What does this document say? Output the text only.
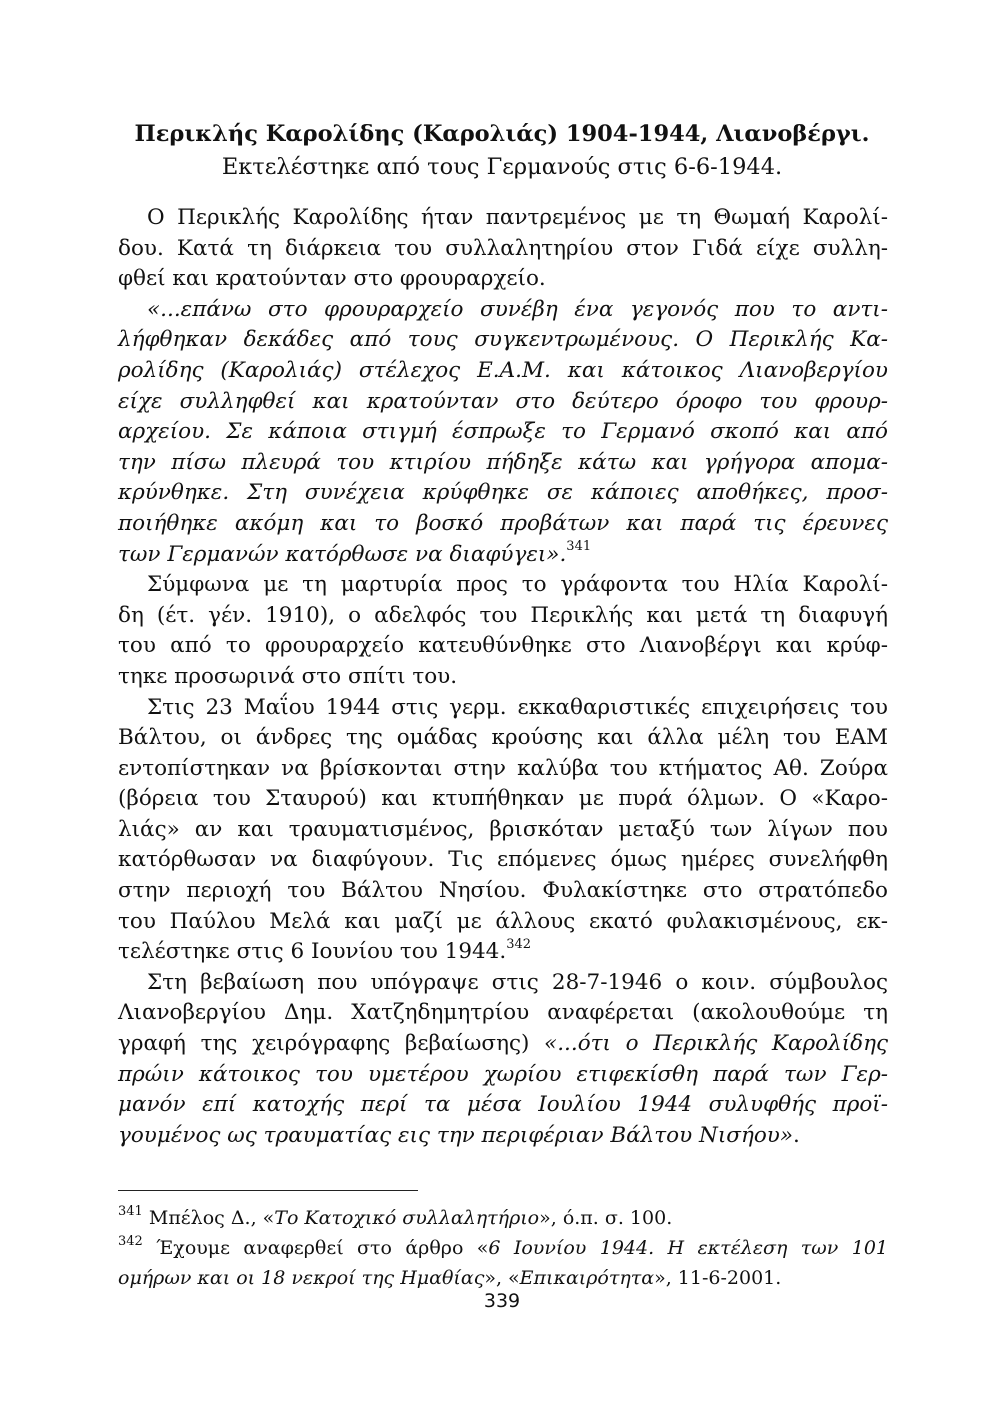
Περικλής Καρολίδης (Καρολιάς) 1904-1944, Λιανοβέργι.
Εκτελέστηκε από τους Γερμανούς στις 6-6-1944.
Ο Περικλής Καρολίδης ήταν παντρεμένος με τη Θωμαή Καρολί-
δου. Κατά τη διάρκεια του συλλαλητηρίου στον Γιδά είχε συλλη-
φθεί και κρατούνταν στο φρουραρχείο.
«...επάνω στο φρουραρχείο συνέβη ένα γεγονός που το αντι-
λήφθηκαν δεκάδες από τους συγκεντρωμένους. Ο Περικλής Κα-
ρολίδης (Καρολιάς) στέλεχος Ε.Α.Μ. και κάτοικος Λιανοβεργίου
είχε συλληφθεί και κρατούνταν στο δεύτερο όροφο του φρουρ-
αρχείου. Σε κάποια στιγμή έσπρωξε το Γερμανό σκοπό και από
την πίσω πλευρά του κτιρίου πήδηξε κάτω και γρήγορα απομα-
κρύνθηκε. Στη συνέχεια κρύφθηκε σε κάποιες αποθήκες, προσ-
ποιήθηκε ακόμη και το βοσκό προβάτων και παρά τις έρευνες
των Γερμανών κατόρθωσε να διαφύγει».$^{341}$
Σύμφωνα με τη μαρτυρία προς το γράφοντα του Ηλία Καρολί-
δη (έτ. γέν. 1910), ο αδελφός του Περικλής και μετά τη διαφυγή
του από το φρουραρχείο κατευθύνθηκε στο Λιανοβέργι και κρύφ-
τηκε προσωρινά στο σπίτι του.
Στις 23 Μαΐου 1944 στις γερμ. εκκαθαριστικές επιχειρήσεις του
Βάλτου, οι άνδρες της ομάδας κρούσης και άλλα μέλη του ΕΑΜ
εντοπίστηκαν να βρίσκονται στην καλύβα του κτήματος Αθ. Ζούρα
(βόρεια του Σταυρού) και κτυπήθηκαν με πυρά όλμων. Ο «Καρο-
λιάς» αν και τραυματισμένος, βρισκόταν μεταξύ των λίγων που
κατόρθωσαν να διαφύγουν. Τις επόμενες όμως ημέρες συνελήφθη
στην περιοχή του Βάλτου Νησίου. Φυλακίστηκε στο στρατόπεδο
του Παύλου Μελά και μαζί με άλλους εκατό φυλακισμένους, εκ-
τελέστηκε στις 6 Ιουνίου του 1944.$^{342}$
Στη βεβαίωση που υπόγραψε στις 28-7-1946 ο κοιν. σύμβουλος
Λιανοβεργίου Δημ. Χατζηδημητρίου αναφέρεται (ακολουθούμε τη
γραφή της χειρόγραφης βεβαίωσης) «...ότι ο Περικλής Καρολίδης
πρώιν κάτοικος του υμετέρου χωρίου ετιφεκίσθη παρά των Γερ-
μανόν επί κατοχής περί τα μέσα Ιουλίου 1944 συλυφθής προϊ-
γουμένος ως τραυματίας εις την περιφέριαν Βάλτου Νισήου».
$^{341}$ Μπέλος Δ., «Το Κατοχικό συλλαλητήριο», ό.π. σ. 100.
$^{342}$ Έχουμε αναφερθεί στο άρθρο «6 Ιουνίου 1944. Η εκτέλεση των 101
ομήρων και οι 18 νεκροί της Ημαθίας», «Επικαιρότητα», 11-6-2001.
339
